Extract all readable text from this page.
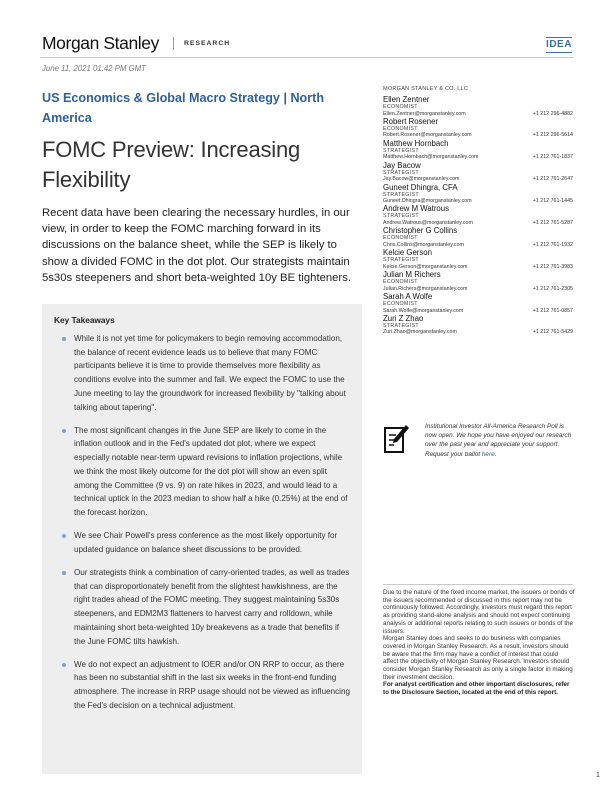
Morgan Stanley	RESEARCH	IDEA
June 11, 2021 01:42 PM GMT
US Economics & Global Macro Strategy | North America
FOMC Preview: Increasing Flexibility
Recent data have been clearing the necessary hurdles, in our view, in order to keep the FOMC marching forward in its discussions on the balance sheet, while the SEP is likely to show a divided FOMC in the dot plot. Our strategists maintain 5s30s steepeners and short beta-weighted 10y BE tighteners.
Key Takeaways
While it is not yet time for policymakers to begin removing accommodation, the balance of recent evidence leads us to believe that many FOMC participants believe it is time to provide themselves more flexibility as conditions evolve into the summer and fall. We expect the FOMC to use the June meeting to lay the groundwork for increased flexibility by "talking about talking about tapering".
The most significant changes in the June SEP are likely to come in the inflation outlook and in the Fed's updated dot plot, where we expect especially notable near-term upward revisions to inflation projections, while we think the most likely outcome for the dot plot will show an even split among the Committee (9 vs. 9) on rate hikes in 2023, and would lead to a technical uptick in the 2023 median to show half a hike (0.25%) at the end of the forecast horizon.
We see Chair Powell's press conference as the most likely opportunity for updated guidance on balance sheet discussions to be provided.
Our strategists think a combination of carry-oriented trades, as well as trades that can disproportionately benefit from the slightest hawkishness, are the right trades ahead of the FOMC meeting. They suggest maintaining 5s30s steepeners, and EDM2M3 flatteners to harvest carry and rolldown, while maintaining short beta-weighted 10y breakevens as a trade that benefits if the June FOMC tilts hawkish.
We do not expect an adjustment to IOER and/or ON RRP to occur, as there has been no substantial shift in the last six weeks in the front-end funding atmosphere. The increase in RRP usage should not be viewed as influencing the Fed's decision on a technical adjustment.
MORGAN STANLEY & CO. LLC
Ellen Zentner
ECONOMIST
Ellen.Zentner@morganstanley.com	+1 212 296-4882
Robert Rosener
ECONOMIST
Robert.Rosener@morganstanley.com	+1 212 296-5614
Matthew Hornbach
STRATEGIST
Matthew.Hornbach@morganstanley.com	+1 212 761-1837
Jay Bacow
STRATEGIST
Jay.Bacow@morganstanley.com	+1 212 761-2647
Guneet Dhingra, CFA
STRATEGIST
Guneet.Dhingra@morganstanley.com	+1 212 761-1445
Andrew M Watrous
STRATEGIST
Andrew.Watrous@morganstanley.com	+1 212 761-5287
Christopher G Collins
ECONOMIST
Chris.Collins@morganstanley.com	+1 212 761-1932
Kelcie Gerson
STRATEGIST
Kelcie.Gerson@morganstanley.com	+1 212 761-3983
Julian M Richers
ECONOMIST
Julian.Richers@morganstanley.com	+1 212 761-2305
Sarah A Wolfe
ECONOMIST
Sarah.Wolfe@morganstanley.com	+1 212 761-0857
Zuri Z Zhao
STRATEGIST
Zuri.Zhao@morganstanley.com	+1 212 761-5429
Institutional Investor All-America Research Poll is now open. We hope you have enjoyed our research over the past year and appreciate your support. Request your ballot here.

Due to the nature of the fixed income market, the issuers or bonds of the issuers recommended or discussed in this report may not be continuously followed. Accordingly, investors must regard this report as providing stand-alone analysis and should not expect continuing analysis or additional reports relating to such issuers or bonds of the issuers.

Morgan Stanley does and seeks to do business with companies covered in Morgan Stanley Research. As a result, investors should be aware that the firm may have a conflict of interest that could affect the objectivity of Morgan Stanley Research. Investors should consider Morgan Stanley Research as only a single factor in making their investment decision.

For analyst certification and other important disclosures, refer to the Disclosure Section, located at the end of this report.

1
